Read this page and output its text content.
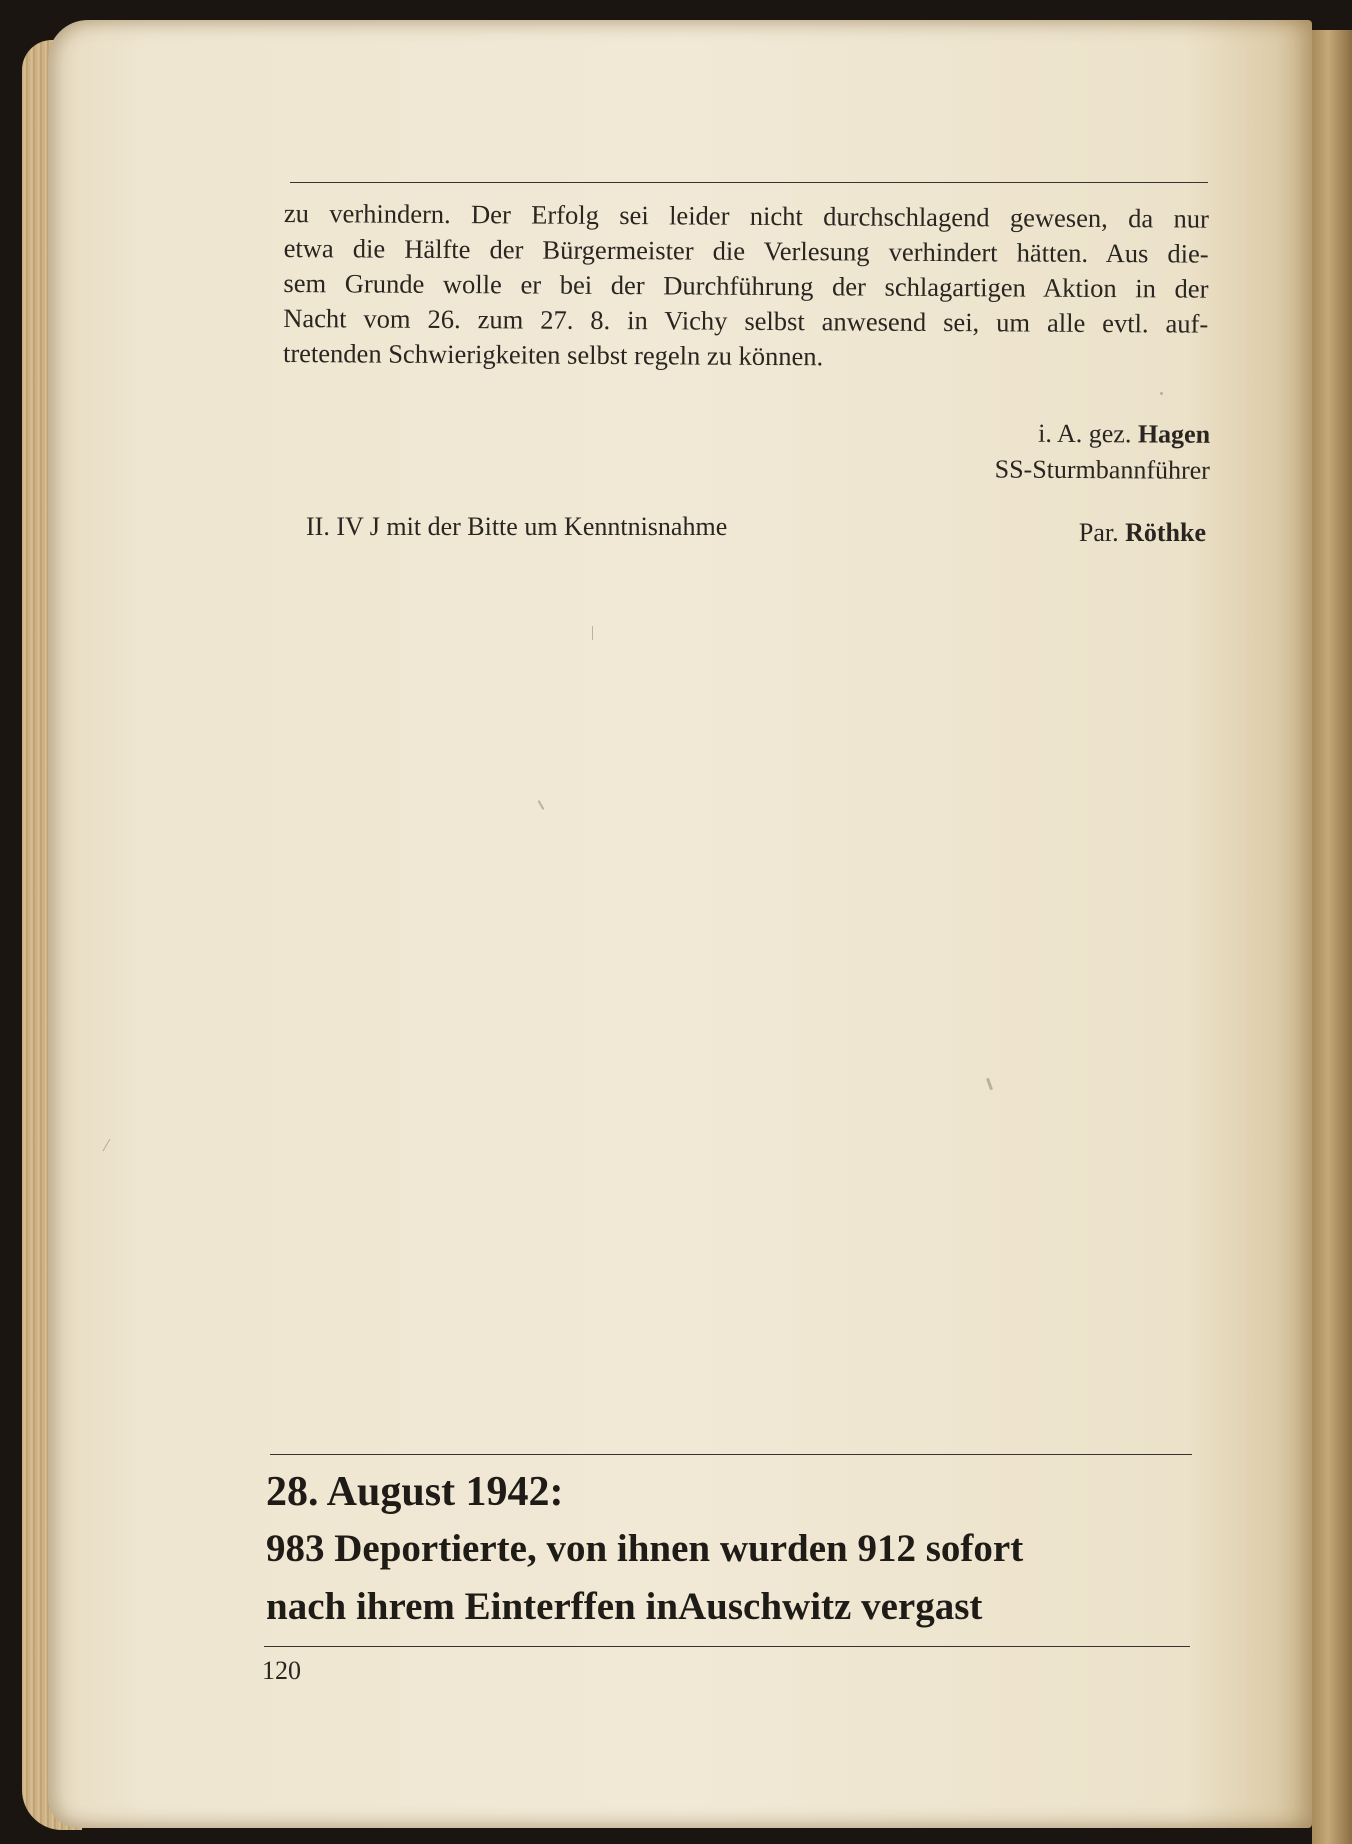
zu verhindern. Der Erfolg sei leider nicht durchschlagend gewesen, da nur
etwa die Hälfte der Bürgermeister die Verlesung verhindert hätten. Aus die-
sem Grunde wolle er bei der Durchführung der schlagartigen Aktion in der
Nacht vom 26. zum 27. 8. in Vichy selbst anwesend sei, um alle evtl. auf-
tretenden Schwierigkeiten selbst regeln zu können.
i. A. gez. Hagen
SS-Sturmbannführer
II. IV J mit der Bitte um Kenntnisnahme	Par. Röthke
28. August 1942:
983 Deportierte, von ihnen wurden 912 sofort
nach ihrem Einterffen inAuschwitz vergast
120
